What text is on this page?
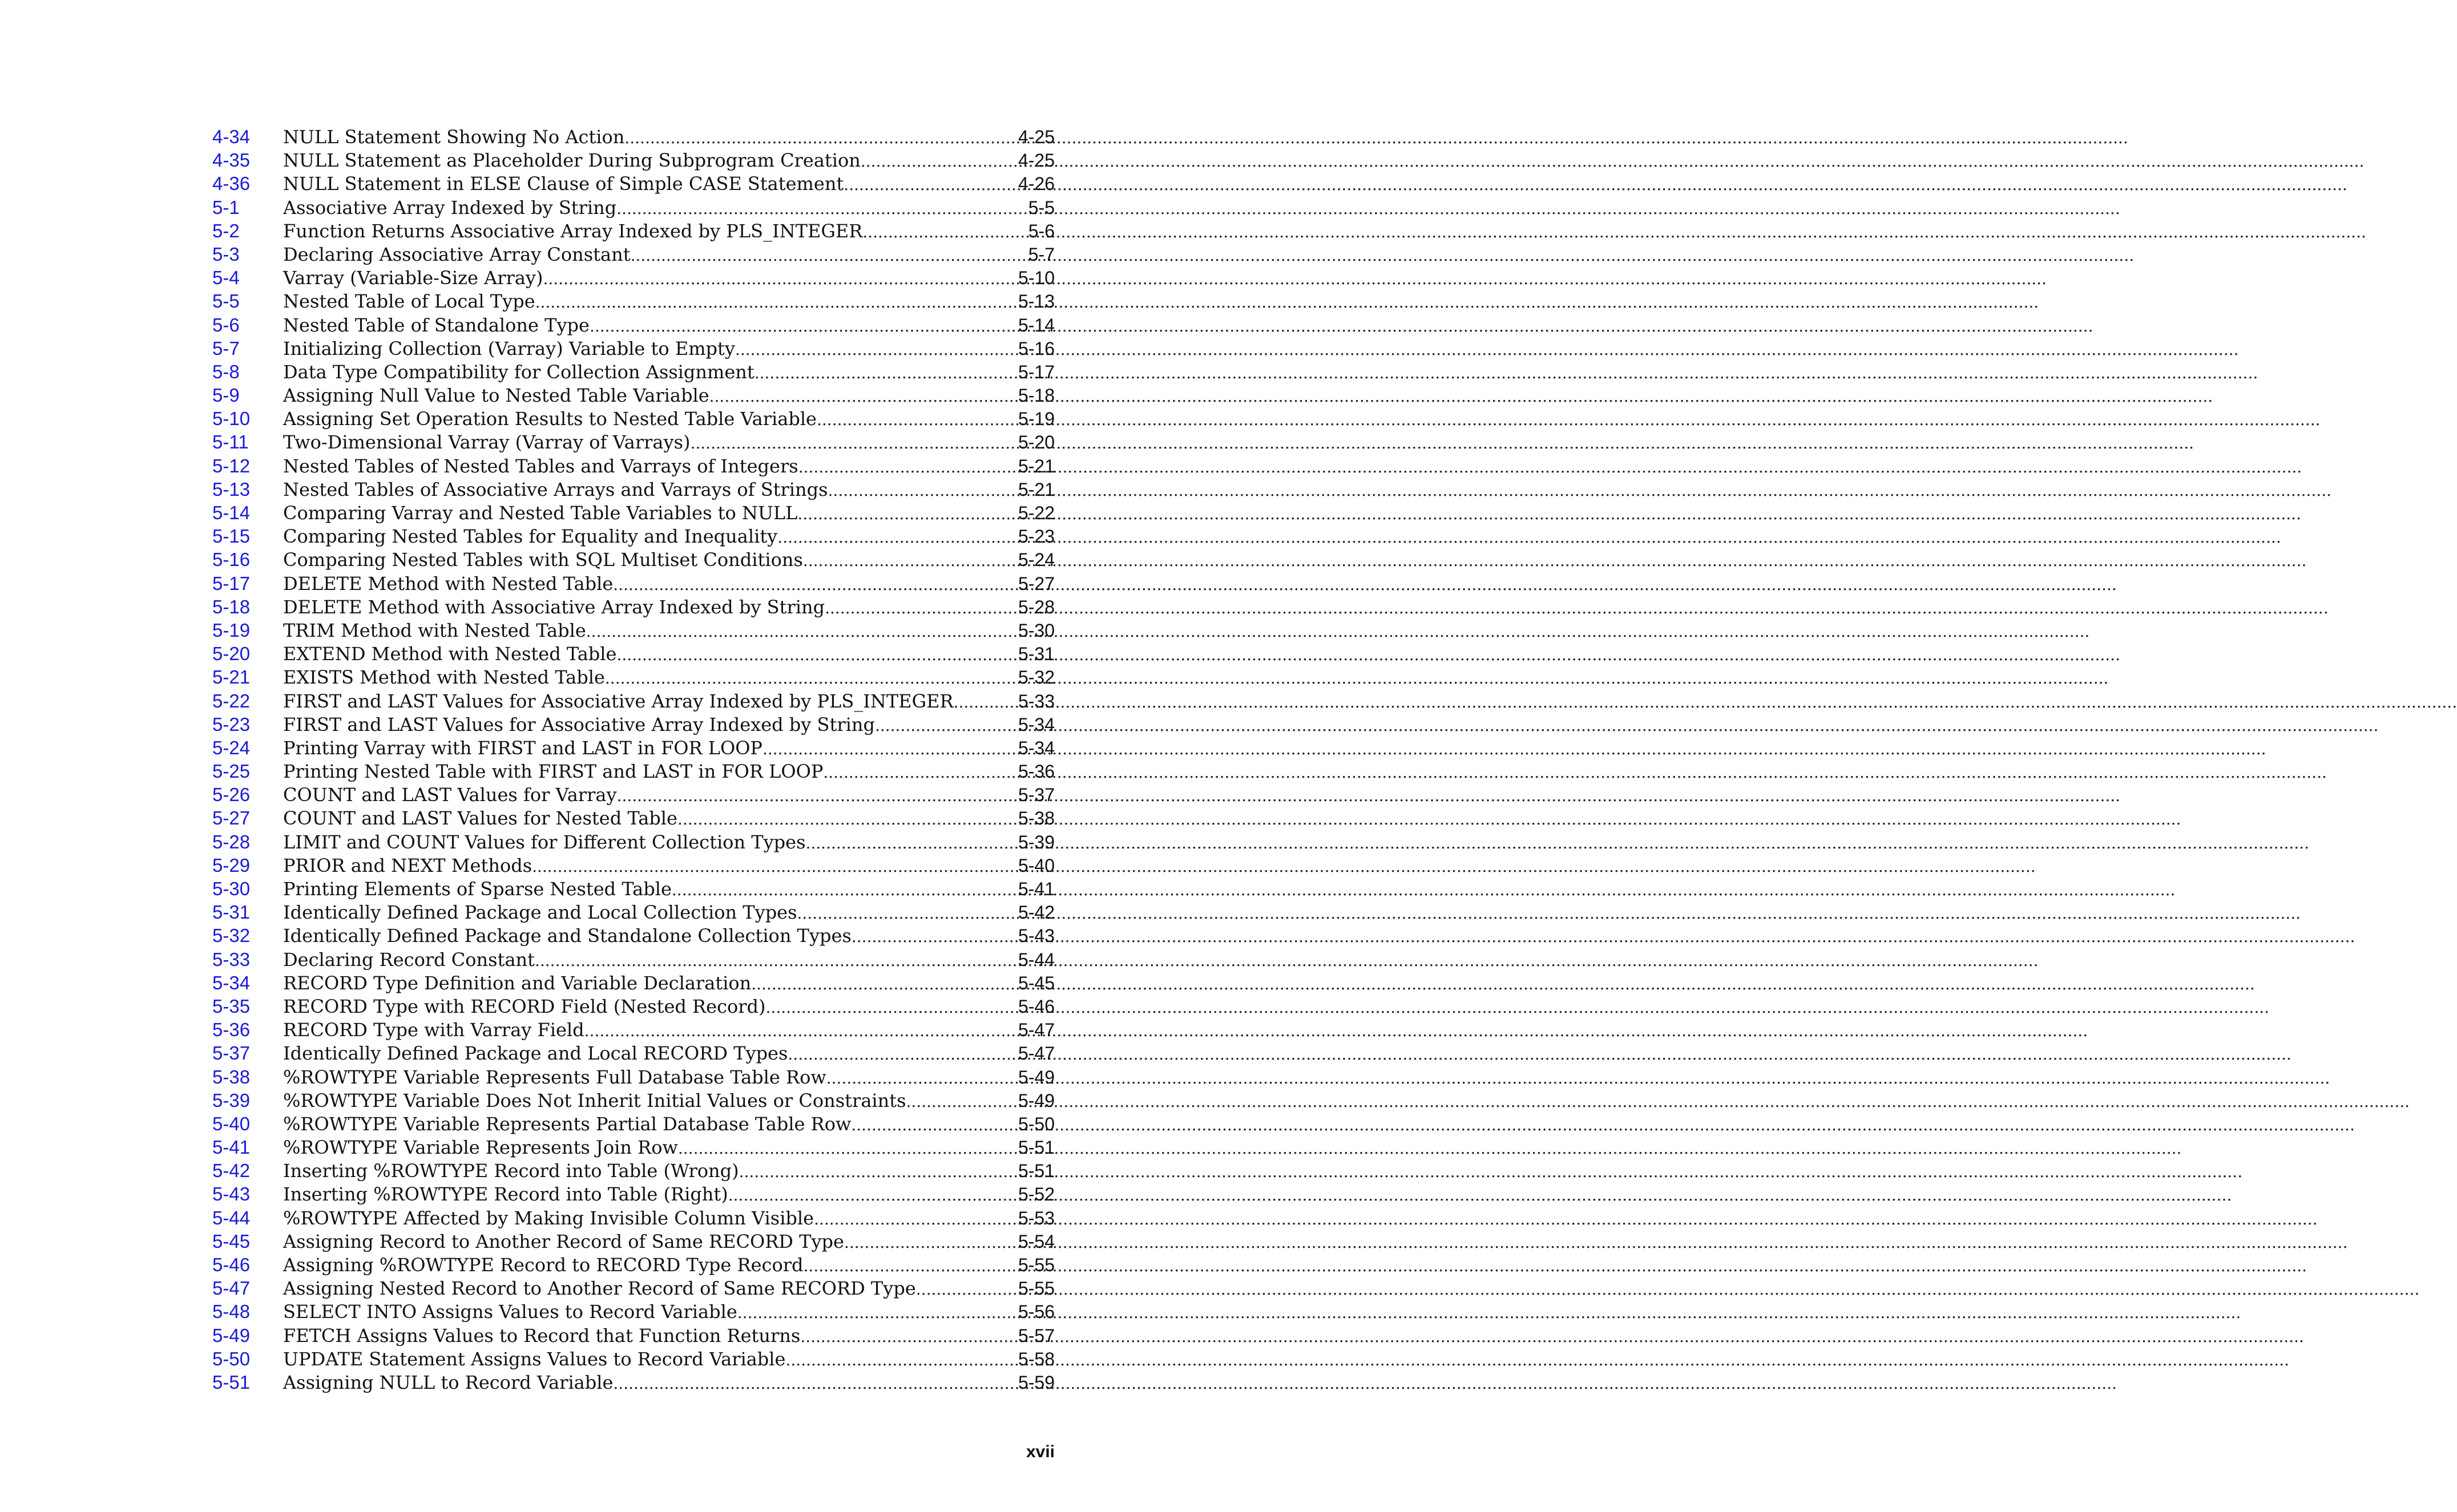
4-34	NULL Statement Showing No Action .....	4-25
4-35	NULL Statement as Placeholder During Subprogram Creation .....	4-25
4-36	NULL Statement in ELSE Clause of Simple CASE Statement .....	4-26
5-1	Associative Array Indexed by String .....	5-5
5-2	Function Returns Associative Array Indexed by PLS_INTEGER .....	5-6
5-3	Declaring Associative Array Constant .....	5-7
5-4	Varray (Variable-Size Array) .....	5-10
5-5	Nested Table of Local Type .....	5-13
5-6	Nested Table of Standalone Type .....	5-14
5-7	Initializing Collection (Varray) Variable to Empty .....	5-16
5-8	Data Type Compatibility for Collection Assignment .....	5-17
5-9	Assigning Null Value to Nested Table Variable .....	5-18
5-10	Assigning Set Operation Results to Nested Table Variable .....	5-19
5-11	Two-Dimensional Varray (Varray of Varrays) .....	5-20
5-12	Nested Tables of Nested Tables and Varrays of Integers .....	5-21
5-13	Nested Tables of Associative Arrays and Varrays of Strings .....	5-21
5-14	Comparing Varray and Nested Table Variables to NULL .....	5-22
5-15	Comparing Nested Tables for Equality and Inequality .....	5-23
5-16	Comparing Nested Tables with SQL Multiset Conditions .....	5-24
5-17	DELETE Method with Nested Table .....	5-27
5-18	DELETE Method with Associative Array Indexed by String .....	5-28
5-19	TRIM Method with Nested Table .....	5-30
5-20	EXTEND Method with Nested Table .....	5-31
5-21	EXISTS Method with Nested Table .....	5-32
5-22	FIRST and LAST Values for Associative Array Indexed by PLS_INTEGER .....	5-33
5-23	FIRST and LAST Values for Associative Array Indexed by String .....	5-34
5-24	Printing Varray with FIRST and LAST in FOR LOOP .....	5-34
5-25	Printing Nested Table with FIRST and LAST in FOR LOOP .....	5-36
5-26	COUNT and LAST Values for Varray .....	5-37
5-27	COUNT and LAST Values for Nested Table .....	5-38
5-28	LIMIT and COUNT Values for Different Collection Types .....	5-39
5-29	PRIOR and NEXT Methods .....	5-40
5-30	Printing Elements of Sparse Nested Table .....	5-41
5-31	Identically Defined Package and Local Collection Types .....	5-42
5-32	Identically Defined Package and Standalone Collection Types .....	5-43
5-33	Declaring Record Constant .....	5-44
5-34	RECORD Type Definition and Variable Declaration .....	5-45
5-35	RECORD Type with RECORD Field (Nested Record) .....	5-46
5-36	RECORD Type with Varray Field .....	5-47
5-37	Identically Defined Package and Local RECORD Types .....	5-47
5-38	%ROWTYPE Variable Represents Full Database Table Row .....	5-49
5-39	%ROWTYPE Variable Does Not Inherit Initial Values or Constraints .....	5-49
5-40	%ROWTYPE Variable Represents Partial Database Table Row .....	5-50
5-41	%ROWTYPE Variable Represents Join Row .....	5-51
5-42	Inserting %ROWTYPE Record into Table (Wrong) .....	5-51
5-43	Inserting %ROWTYPE Record into Table (Right) .....	5-52
5-44	%ROWTYPE Affected by Making Invisible Column Visible .....	5-53
5-45	Assigning Record to Another Record of Same RECORD Type .....	5-54
5-46	Assigning %ROWTYPE Record to RECORD Type Record .....	5-55
5-47	Assigning Nested Record to Another Record of Same RECORD Type .....	5-55
5-48	SELECT INTO Assigns Values to Record Variable .....	5-56
5-49	FETCH Assigns Values to Record that Function Returns .....	5-57
5-50	UPDATE Statement Assigns Values to Record Variable .....	5-58
5-51	Assigning NULL to Record Variable .....	5-59
xvii
